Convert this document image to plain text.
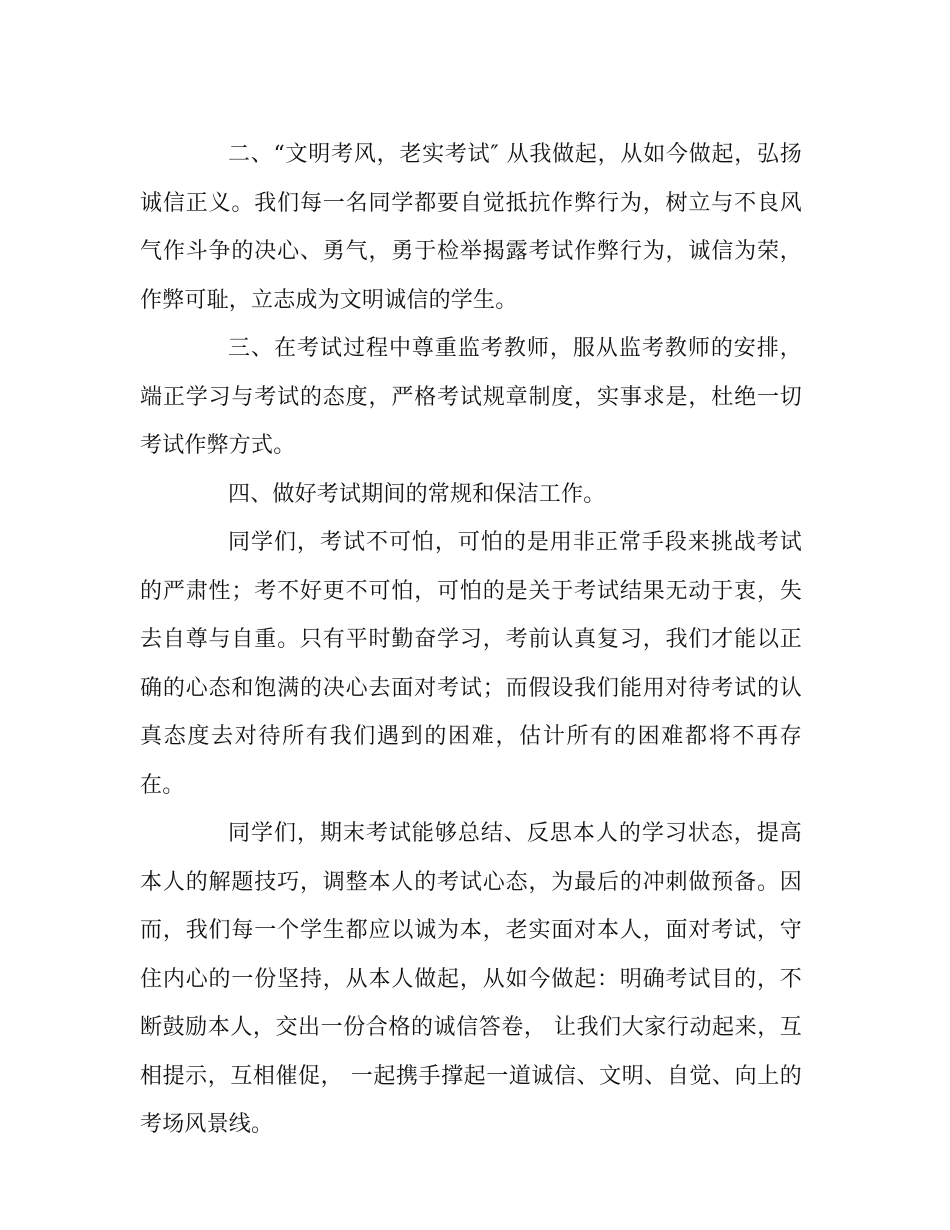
二、“文明考风，老实考试″ 从我做起，从如今做起，弘扬诚信正义。我们每一名同学都要自觉抵抗作弊行为，树立与不良风气作斗争的决心、勇气，勇于检举揭露考试作弊行为，诚信为荣，作弊可耻，立志成为文明诚信的学生。

三、在考试过程中尊重监考教师，服从监考教师的安排，端正学习与考试的态度，严格考试规章制度，实事求是，杜绝一切考试作弊方式。

四、做好考试期间的常规和保洁工作。

同学们，考试不可怕，可怕的是用非正常手段来挑战考试的严肃性；考不好更不可怕，可怕的是关于考试结果无动于衷，失去自尊与自重。只有平时勤奋学习，考前认真复习，我们才能以正确的心态和饱满的决心去面对考试；而假设我们能用对待考试的认真态度去对待所有我们遇到的困难，估计所有的困难都将不再存在。

同学们，期末考试能够总结、反思本人的学习状态，提高本人的解题技巧，调整本人的考试心态，为最后的冲刺做预备。因而，我们每一个学生都应以诚为本，老实面对本人，面对考试，守住内心的一份坚持，从本人做起，从如今做起：明确考试目的，不断鼓励本人，交出一份合格的诚信答卷， 让我们大家行动起来，互相提示，互相催促， 一起携手撑起一道诚信、文明、自觉、向上的考场风景线。
